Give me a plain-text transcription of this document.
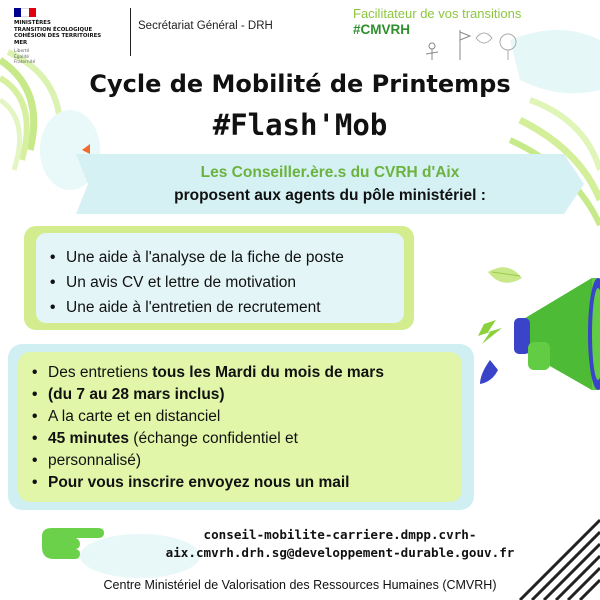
MINISTÈRES
TRANSITION ÉCOLOGIQUE
COHÉSION DES TERRITOIRES
MER
Liberté
Égalité
Fraternité
Secrétariat Général - DRH
Facilitateur de vos transitions
#CMVRH
Cycle de Mobilité de Printemps
#Flash'Mob
Les Conseiller.ère.s du CVRH d'Aix
proposent aux agents du pôle ministériel :
• Une aide à l'analyse de la fiche de poste
• Un avis CV et lettre de motivation
• Une aide à l'entretien de recrutement
• Des entretiens tous les Mardi du mois de mars
• (du 7 au 28 mars inclus)
• A la carte et en distanciel
• 45 minutes (échange confidentiel et
• personnalisé)
• Pour vous inscrire envoyez nous un mail
conseil-mobilite-carriere.dmpp.cvrh-
aix.cmvrh.drh.sg@developpement-durable.gouv.fr
Centre Ministériel de Valorisation des Ressources Humaines (CMVRH)
